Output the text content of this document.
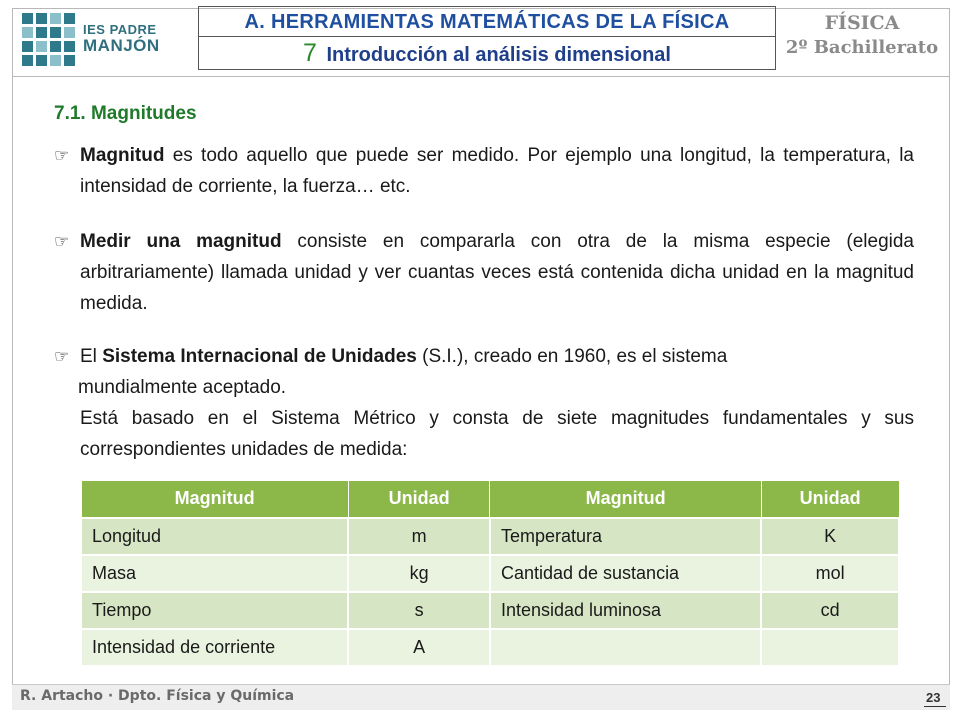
IES PADRE
MANJÓN
A. HERRAMIENTAS MATEMÁTICAS DE LA FÍSICA
7 Introducción al análisis dimensional
FÍSICA
2º Bachillerato
7.1. Magnitudes
☞ Magnitud es todo aquello que puede ser medido. Por ejemplo una longitud, la temperatura, la intensidad de corriente, la fuerza… etc.
☞ Medir una magnitud consiste en compararla con otra de la misma especie (elegida arbitrariamente) llamada unidad y ver cuantas veces está contenida dicha unidad en la magnitud medida.
☞ El Sistema Internacional de Unidades (S.I.), creado en 1960, es el sistema
mundialmente aceptado.
Está basado en el Sistema Métrico y consta de siete magnitudes fundamentales y sus correspondientes unidades de medida:
Magnitud	Unidad	Magnitud	Unidad
Longitud	m	Temperatura	K
Masa	kg	Cantidad de sustancia	mol
Tiempo	s	Intensidad luminosa	cd
Intensidad de corriente	A		
R. Artacho · Dpto. Física y Química	23
